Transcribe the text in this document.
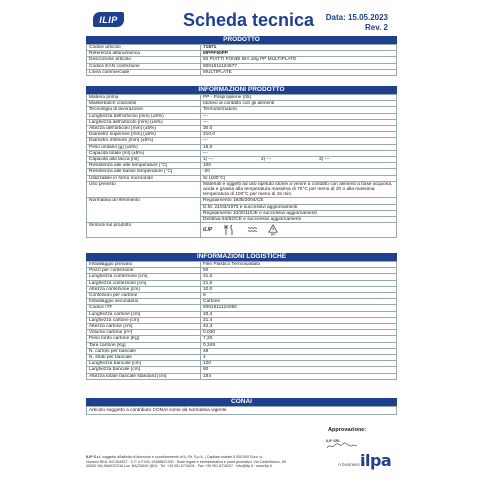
ILIP	Scheda tecnica Data: 15.05.2023
Rev. 2
PRODOTTO
Codice articolo	71871
Referenza alfanumerica	MPPF50PP
Descrizione articolo	50 PIATTI FONDI BIA 18g PP MULTIPLATE
Codice EAN confezione	8001511124677
Linea commerciale	MULTIPLATE
INFORMAZIONI PRODOTTO
Materia prima	PP - Polipropilene (05)
Masterbatch colorante	Idoneo al contatto con gli alimenti
Tecnologia di lavorazione	Termoformatura
Lunghezza dell'articolo [mm] (±5%)	---
Larghezza dell'articolo [mm] (±5%)	---
Altezza dell'articolo [mm] (±5%)	30,0
Diametro superiore [mm] (±5%)	210,0
Diametro inferiore [mm] (±5%)	---
Peso unitario [g] (±5%)	18,0
Capacità totale [ml] (±5%)	---
Capacità alla tacca [ml]	1) --- 2) --- 3) ---
Resistenza alle alte temperature [°C]	100
Resistenza alle basse temperature [°C]	-20
Utilizzabile in forno microonde	Sì (100°C)
Uso previsto	Materiali e oggetti ad uso ripetuto idonei a venire a contatto con alimenti a base acquosa, acida e grassa alla temperatura massima di 70°C per meno di 2h o alla massima temperatura di 100°C per meno di 15 min.
Normativa di riferimento	Regolamento 1935/2004/CE
D.M. 21/03/1973 e successivi aggiornamenti
Regolamento 10/2011/UE e successivi aggiornamenti
Direttiva 94/62/CE e successivi aggiornamenti

Simboli sul prodotto	ILIP 5
PP
INFORMAZIONI LOGISTICHE
Imballaggio primario	Film Plastico Termosaldato
Pezzi per confezione	50
Lunghezza confezione [cm]	21,0
Larghezza confezione [cm]	21,0
Altezza confezione [cm]	10,0
Confezioni per cartone	8
Imballaggio secondario	Cartone
Codice ITF	8001511124050
Lunghezza cartone [cm]	33,4
Larghezza cartone [cm]	21,4
Altezza cartone [cm]	42,3
Volume cartone [m³]	0,030
Peso lordo cartone [Kg]	7,20
Tara cartone [Kg]	0,349
N. cartoni per bancale	48
N. strati per bancale	4
Lunghezza bancale [cm]	120
Larghezza bancale [cm]	80
Altezza totale bancale standard [cm]	184
CONAI
Articolo soggetto a contributo CONAI come da normativa vigente
Approvazione:
ILIP SRL
ILIP S.r.l. soggetta all'attività di direzione e coordinamento di IL.PA. S.p.A. | Capitale sociale 5.000.000 Euro i.v.
Numero REA: BO-504527 · C.F. e P.IVA: 00488671200 · Sede legale e amministrativa e plant produttivo: Via Castelfranco, 50
40053 VALSAMOGGIA Loc. BAZZANO (BO) · Tel. +39 051 6715411 · Fax +39 051 6715437 · info@ilip.it · www.ilip.it	A business of
ilpa
